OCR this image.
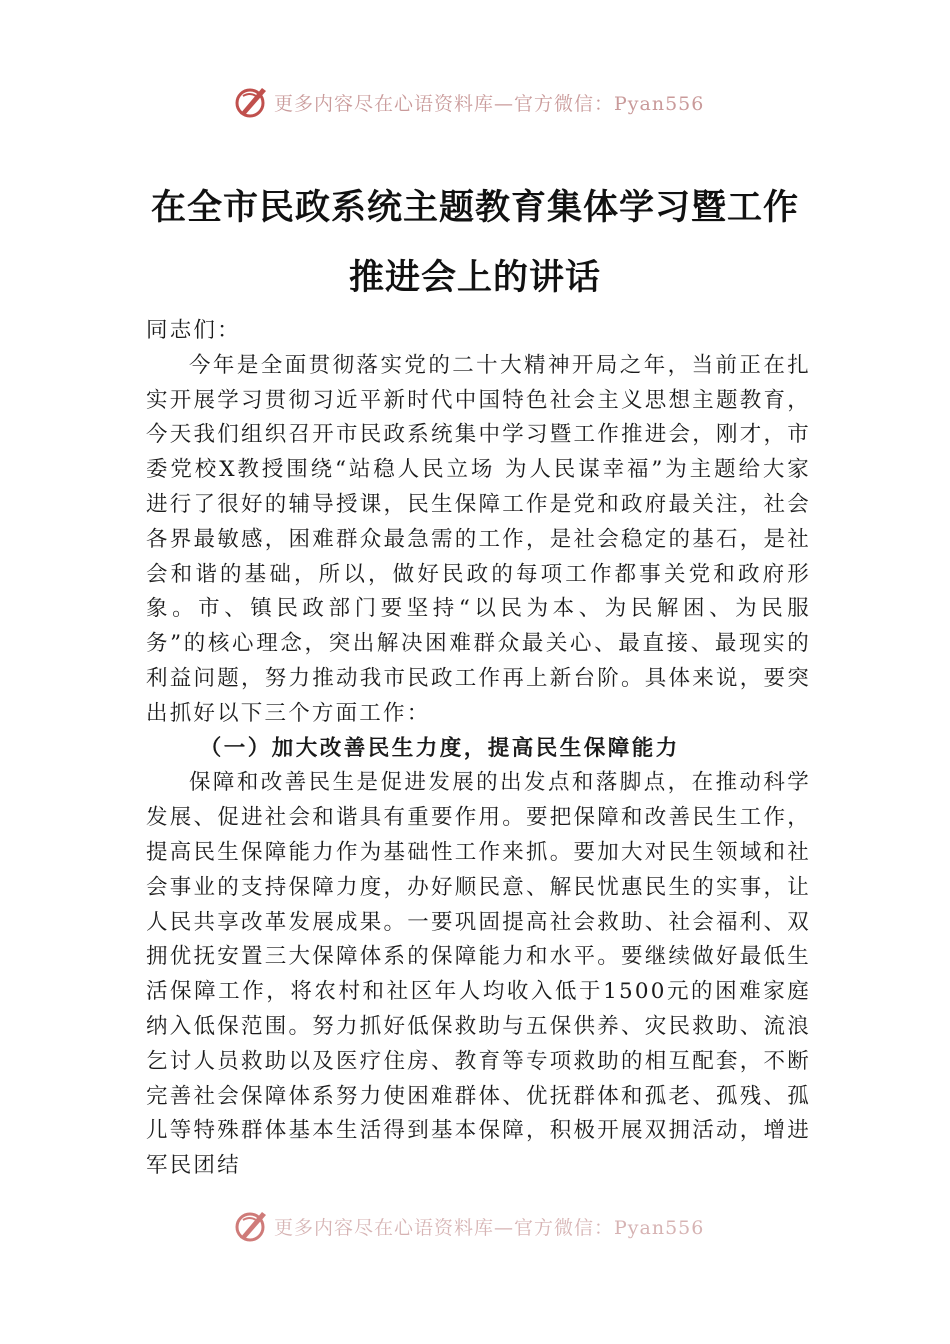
更多内容尽在心语资料库—官方微信：Pyan556
在全市民政系统主题教育集体学习暨工作
推进会上的讲话

同志们：

今年是全面贯彻落实党的二十大精神开局之年，当前正在扎实开展学习贯彻习近平新时代中国特色社会主义思想主题教育，今天我们组织召开市民政系统集中学习暨工作推进会，刚才，市委党校X教授围绕“站稳人民立场 为人民谋幸福”为主题给大家进行了很好的辅导授课，民生保障工作是党和政府最关注，社会各界最敏感，困难群众最急需的工作，是社会稳定的基石，是社会和谐的基础，所以，做好民政的每项工作都事关党和政府形象。市、镇民政部门要坚持“以民为本、为民解困、为民服务”的核心理念，突出解决困难群众最关心、最直接、最现实的利益问题，努力推动我市民政工作再上新台阶。具体来说，要突出抓好以下三个方面工作：

（一）加大改善民生力度，提高民生保障能力

保障和改善民生是促进发展的出发点和落脚点，在推动科学发展、促进社会和谐具有重要作用。要把保障和改善民生工作，提高民生保障能力作为基础性工作来抓。要加大对民生领域和社会事业的支持保障力度，办好顺民意、解民忧惠民生的实事，让人民共享改革发展成果。一要巩固提高社会救助、社会福利、双拥优抚安置三大保障体系的保障能力和水平。要继续做好最低生活保障工作，将农村和社区年人均收入低于1500元的困难家庭纳入低保范围。努力抓好低保救助与五保供养、灾民救助、流浪乞讨人员救助以及医疗住房、教育等专项救助的相互配套，不断完善社会保障体系努力使困难群体、优抚群体和孤老、孤残、孤儿等特殊群体基本生活得到基本保障，积极开展双拥活动，增进军民团结

更多内容尽在心语资料库—官方微信：Pyan556
